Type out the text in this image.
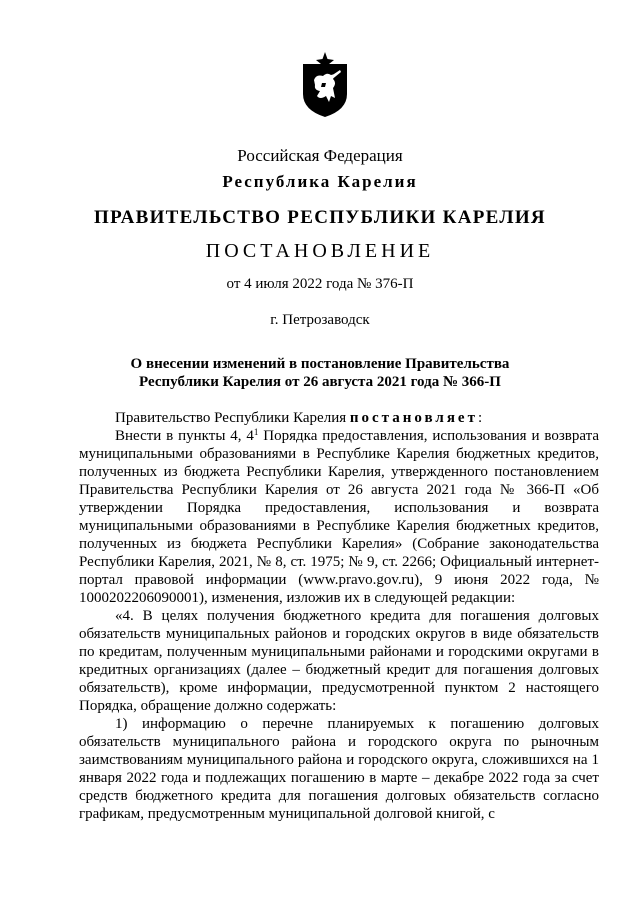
Российская Федерация
Республика Карелия
ПРАВИТЕЛЬСТВО РЕСПУБЛИКИ КАРЕЛИЯ
ПОСТАНОВЛЕНИЕ
от 4 июля 2022 года № 376-П
г. Петрозаводск
О внесении изменений в постановление Правительства
Республики Карелия от 26 августа 2021 года № 366-П

Правительство Республики Карелия постановляет:

Внести в пункты 4, $4^1$ Порядка предоставления, использования и возврата муниципальными образованиями в Республике Карелия бюджетных кредитов, полученных из бюджета Республики Карелия, утвержденного постановлением Правительства Республики Карелия от 26 августа 2021 года № 366-П «Об утверждении Порядка предоставления, использования и возврата муниципальными образованиями в Республике Карелия бюджетных кредитов, полученных из бюджета Республики Карелия» (Собрание законодательства Республики Карелия, 2021, № 8, ст. 1975; № 9, ст. 2266; Официальный интернет-портал правовой информации (www.pravo.gov.ru), 9 июня 2022 года, № 1000202206090001), изменения, изложив их в следующей редакции:

«4. В целях получения бюджетного кредита для погашения долговых обязательств муниципальных районов и городских округов в виде обязательств по кредитам, полученным муниципальными районами и городскими округами в кредитных организациях (далее – бюджетный кредит для погашения долговых обязательств), кроме информации, предусмотренной пунктом 2 настоящего Порядка, обращение должно содержать:

1) информацию о перечне планируемых к погашению долговых обязательств муниципального района и городского округа по рыночным заимствованиям муниципального района и городского округа, сложившихся на 1 января 2022 года и подлежащих погашению в марте – декабре 2022 года за счет средств бюджетного кредита для погашения долговых обязательств согласно графикам, предусмотренным муниципальной долговой книгой, с
